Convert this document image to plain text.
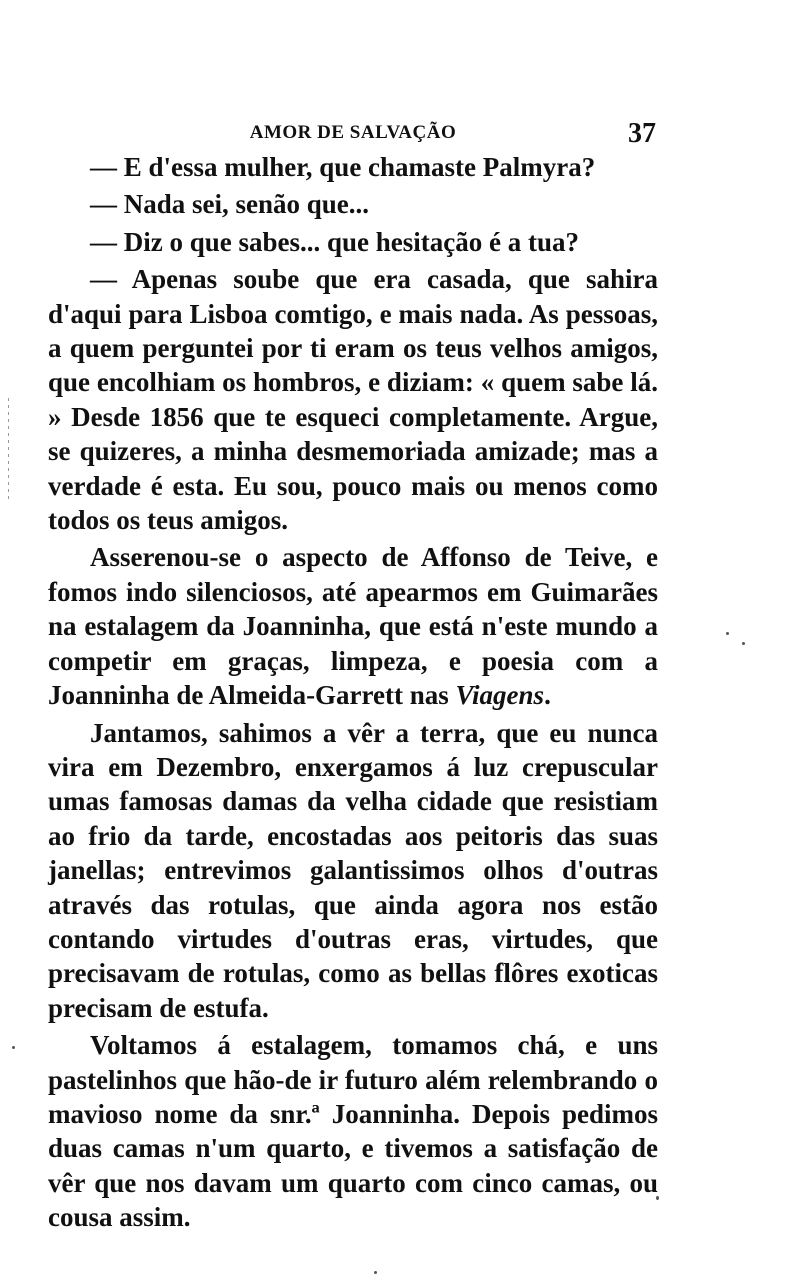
AMOR DE SALVAÇÃO	37

— E d'essa mulher, que chamaste Palmyra?

— Nada sei, senão que...

— Diz o que sabes... que hesitação é a tua?

— Apenas soube que era casada, que sahira d'aqui para Lisboa comtigo, e mais nada. As pessoas, a quem perguntei por ti eram os teus velhos amigos, que encolhiam os hombros, e diziam: « quem sabe lá. » Desde 1856 que te esqueci completamente. Argue, se quizeres, a minha desmemoriada amizade; mas a verdade é esta. Eu sou, pouco mais ou menos como todos os teus amigos.

Asserenou-se o aspecto de Affonso de Teive, e fomos indo silenciosos, até apearmos em Guimarães na estalagem da Joanninha, que está n'este mundo a competir em graças, limpeza, e poesia com a Joanninha de Almeida-Garrett nas Viagens.

Jantamos, sahimos a vêr a terra, que eu nunca vira em Dezembro, enxergamos á luz crepuscular umas famosas damas da velha cidade que resistiam ao frio da tarde, encostadas aos peitoris das suas janellas; entrevimos galantissimos olhos d'outras através das rotulas, que ainda agora nos estão contando virtudes d'outras eras, virtudes, que precisavam de rotulas, como as bellas flôres exoticas precisam de estufa.

Voltamos á estalagem, tomamos chá, e uns pastelinhos que hão-de ir futuro além relembrando o mavioso nome da snr.ª Joanninha. Depois pedimos duas camas n'um quarto, e tivemos a satisfação de vêr que nos davam um quarto com cinco camas, ou cousa assim.
